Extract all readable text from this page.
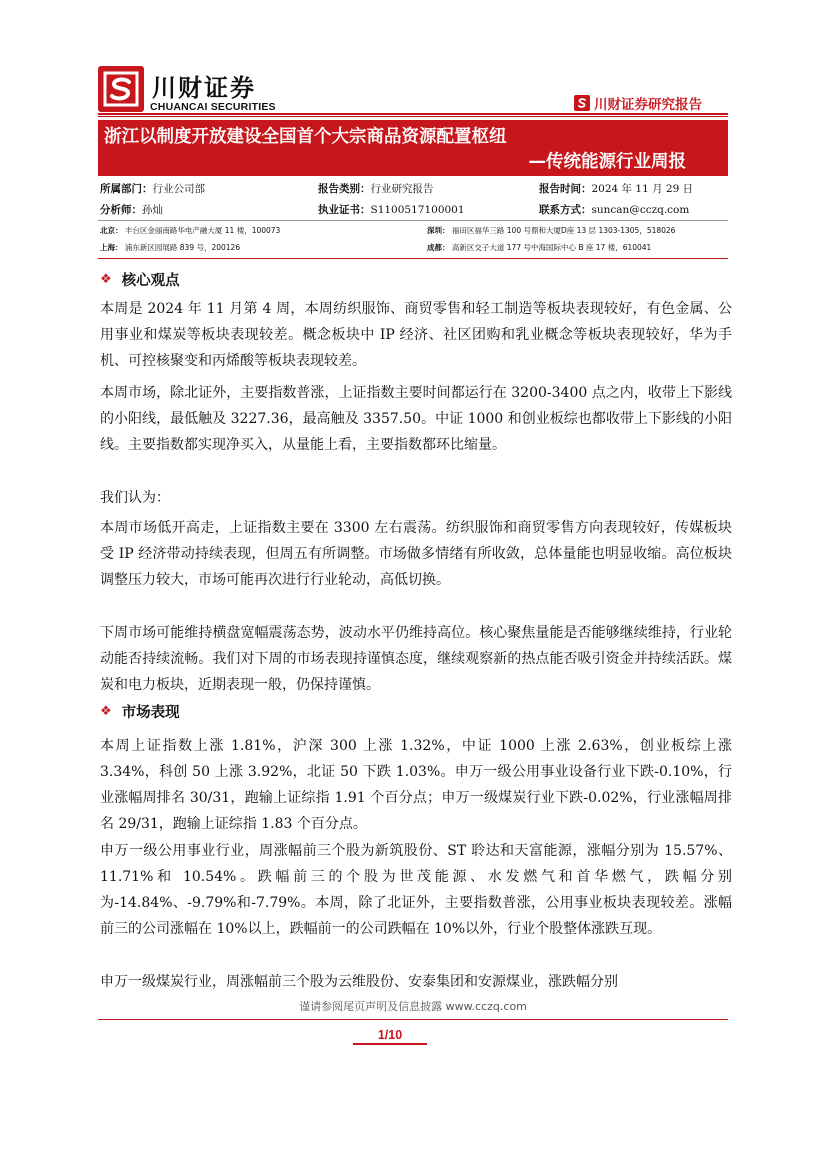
川财证券
CHUANCAI SECURITIES	川财证券研究报告
浙江以制度开放建设全国首个大宗商品资源配置枢纽
—传统能源行业周报
所属部门：行业公司部	报告类别：行业研究报告	报告时间：2024 年 11 月 29 日
分析师：孙灿	执业证书：S1100517100001	联系方式：suncan@cczq.com
北京： 丰台区金丽南路华电产融大厦 11 楼，100073	深圳： 福田区福华三路 100 号鼎和大厦D座 13 层 1303-1305，518026
上海： 浦东新区园展路 839 号，200126	成都： 高新区交子大道 177 号中海国际中心 B 座 17 楼，610041
❖ 核心观点

本周是 2024 年 11 月第 4 周，本周纺织服饰、商贸零售和轻工制造等板块表现较好，有色金属、公用事业和煤炭等板块表现较差。概念板块中 IP 经济、社区团购和乳业概念等板块表现较好，华为手机、可控核聚变和丙烯酸等板块表现较差。

本周市场，除北证外，主要指数普涨，上证指数主要时间都运行在 3200-3400 点之内，收带上下影线的小阳线，最低触及 3227.36，最高触及 3357.50。中证 1000 和创业板综也都收带上下影线的小阳线。主要指数都实现净买入，从量能上看，主要指数都环比缩量。

我们认为：

本周市场低开高走，上证指数主要在 3300 左右震荡。纺织服饰和商贸零售方向表现较好，传媒板块受 IP 经济带动持续表现，但周五有所调整。市场做多情绪有所收敛，总体量能也明显收缩。高位板块调整压力较大，市场可能再次进行行业轮动，高低切换。

下周市场可能维持横盘宽幅震荡态势，波动水平仍维持高位。核心聚焦量能是否能够继续维持，行业轮动能否持续流畅。我们对下周的市场表现持谨慎态度，继续观察新的热点能否吸引资金并持续活跃。煤炭和电力板块，近期表现一般，仍保持谨慎。

❖ 市场表现

本周上证指数上涨 1.81%，沪深 300 上涨 1.32%，中证 1000 上涨 2.63%，创业板综上涨 3.34%，科创 50 上涨 3.92%，北证 50 下跌 1.03%。申万一级公用事业设备行业下跌-0.10%，行业涨幅周排名 30/31，跑输上证综指 1.91 个百分点；申万一级煤炭行业下跌-0.02%，行业涨幅周排名 29/31，跑输上证综指 1.83 个百分点。

申万一级公用事业行业，周涨幅前三个股为新筑股份、ST 聆达和天富能源，涨幅分别为 15.57%、11.71%和 10.54%。跌幅前三的个股为世茂能源、水发燃气和首华燃气，跌幅分别为-14.84%、-9.79%和-7.79%。本周，除了北证外，主要指数普涨，公用事业板块表现较差。涨幅前三的公司涨幅在 10%以上，跌幅前一的公司跌幅在 10%以外，行业个股整体涨跌互现。

申万一级煤炭行业，周涨幅前三个股为云维股份、安泰集团和安源煤业，涨跌幅分别

谨请参阅尾页声明及信息披露 www.cczq.com
1/10
